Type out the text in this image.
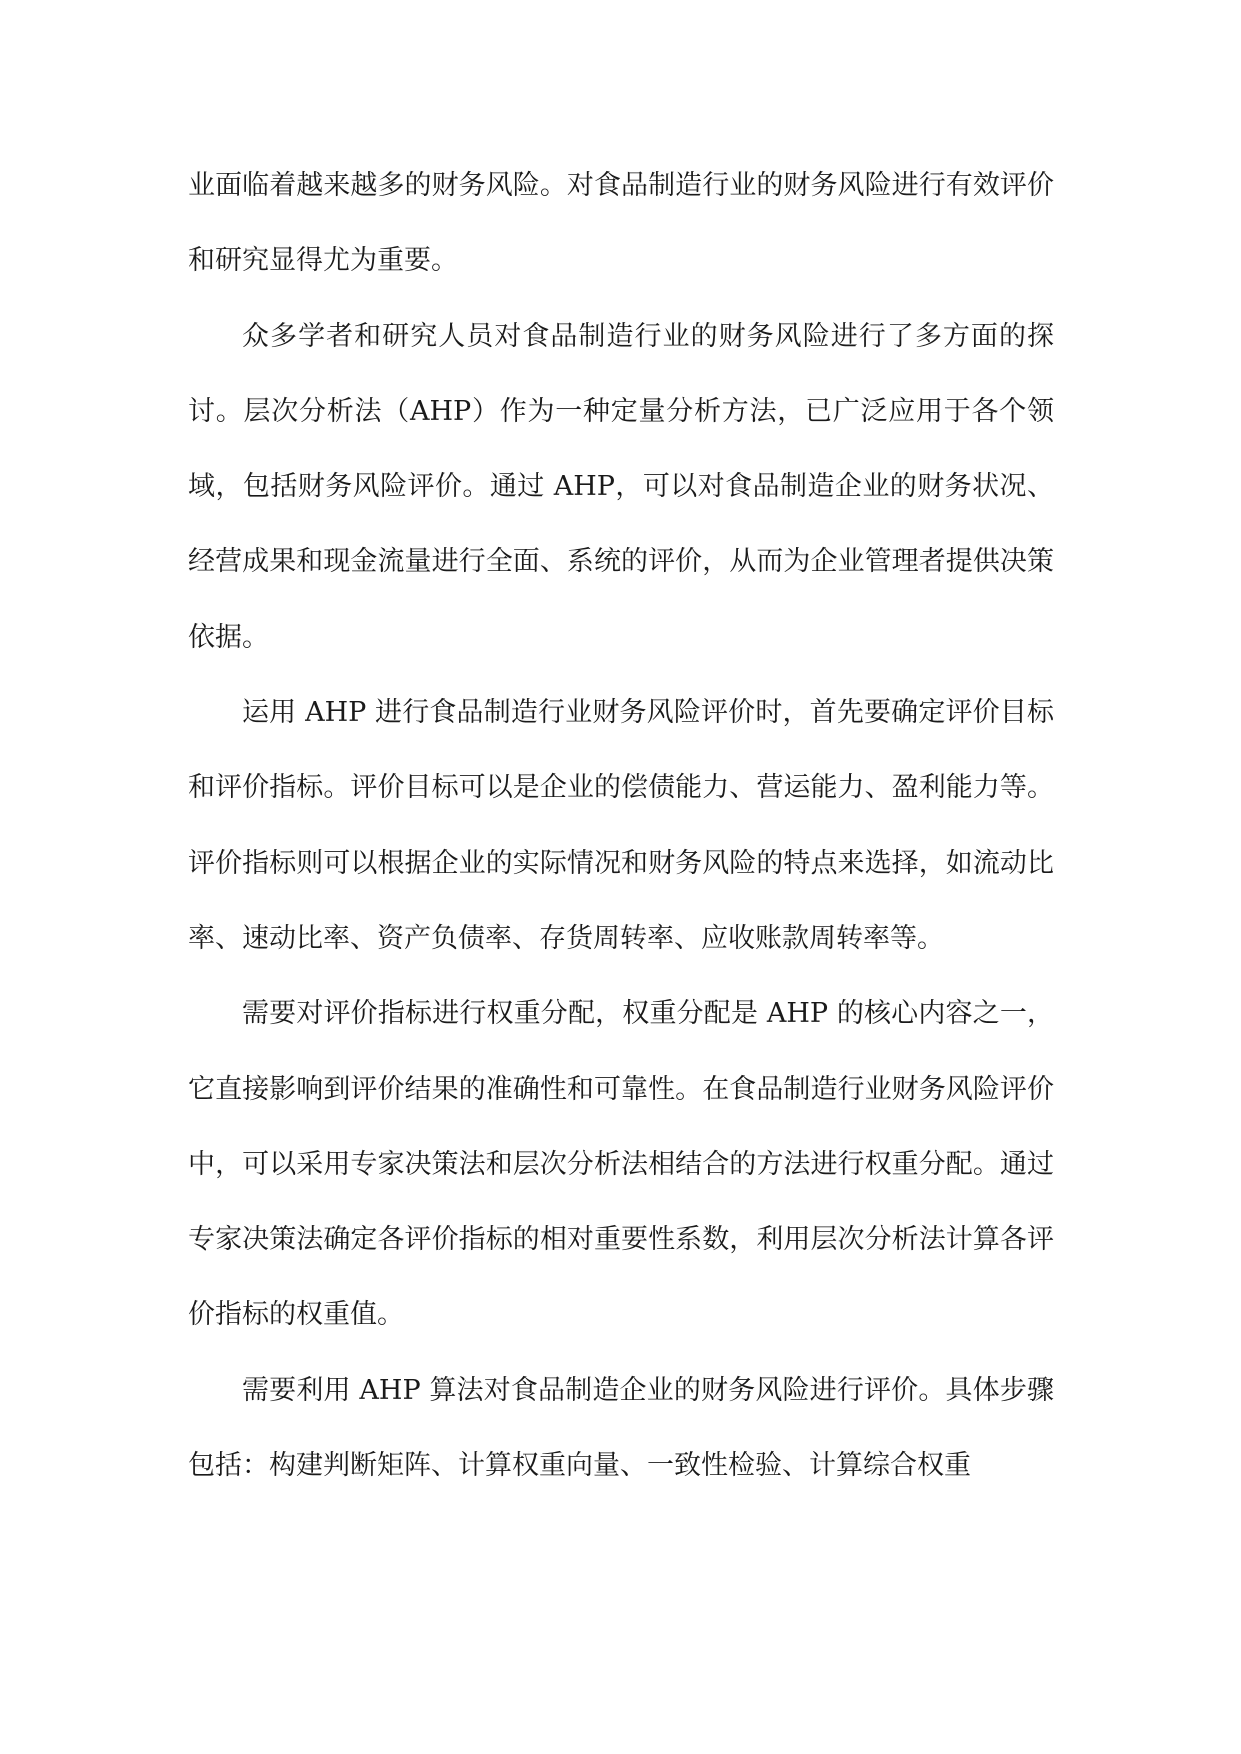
业面临着越来越多的财务风险。对食品制造行业的财务风险进行有效评价和研究显得尤为重要。

众多学者和研究人员对食品制造行业的财务风险进行了多方面的探讨。层次分析法（AHP）作为一种定量分析方法，已广泛应用于各个领域，包括财务风险评价。通过 AHP，可以对食品制造企业的财务状况、经营成果和现金流量进行全面、系统的评价，从而为企业管理者提供决策依据。

运用 AHP 进行食品制造行业财务风险评价时，首先要确定评价目标和评价指标。评价目标可以是企业的偿债能力、营运能力、盈利能力等。评价指标则可以根据企业的实际情况和财务风险的特点来选择，如流动比率、速动比率、资产负债率、存货周转率、应收账款周转率等。

需要对评价指标进行权重分配，权重分配是 AHP 的核心内容之一，它直接影响到评价结果的准确性和可靠性。在食品制造行业财务风险评价中，可以采用专家决策法和层次分析法相结合的方法进行权重分配。通过专家决策法确定各评价指标的相对重要性系数，利用层次分析法计算各评价指标的权重值。

需要利用 AHP 算法对食品制造企业的财务风险进行评价。具体步骤包括：构建判断矩阵、计算权重向量、一致性检验、计算综合权重
